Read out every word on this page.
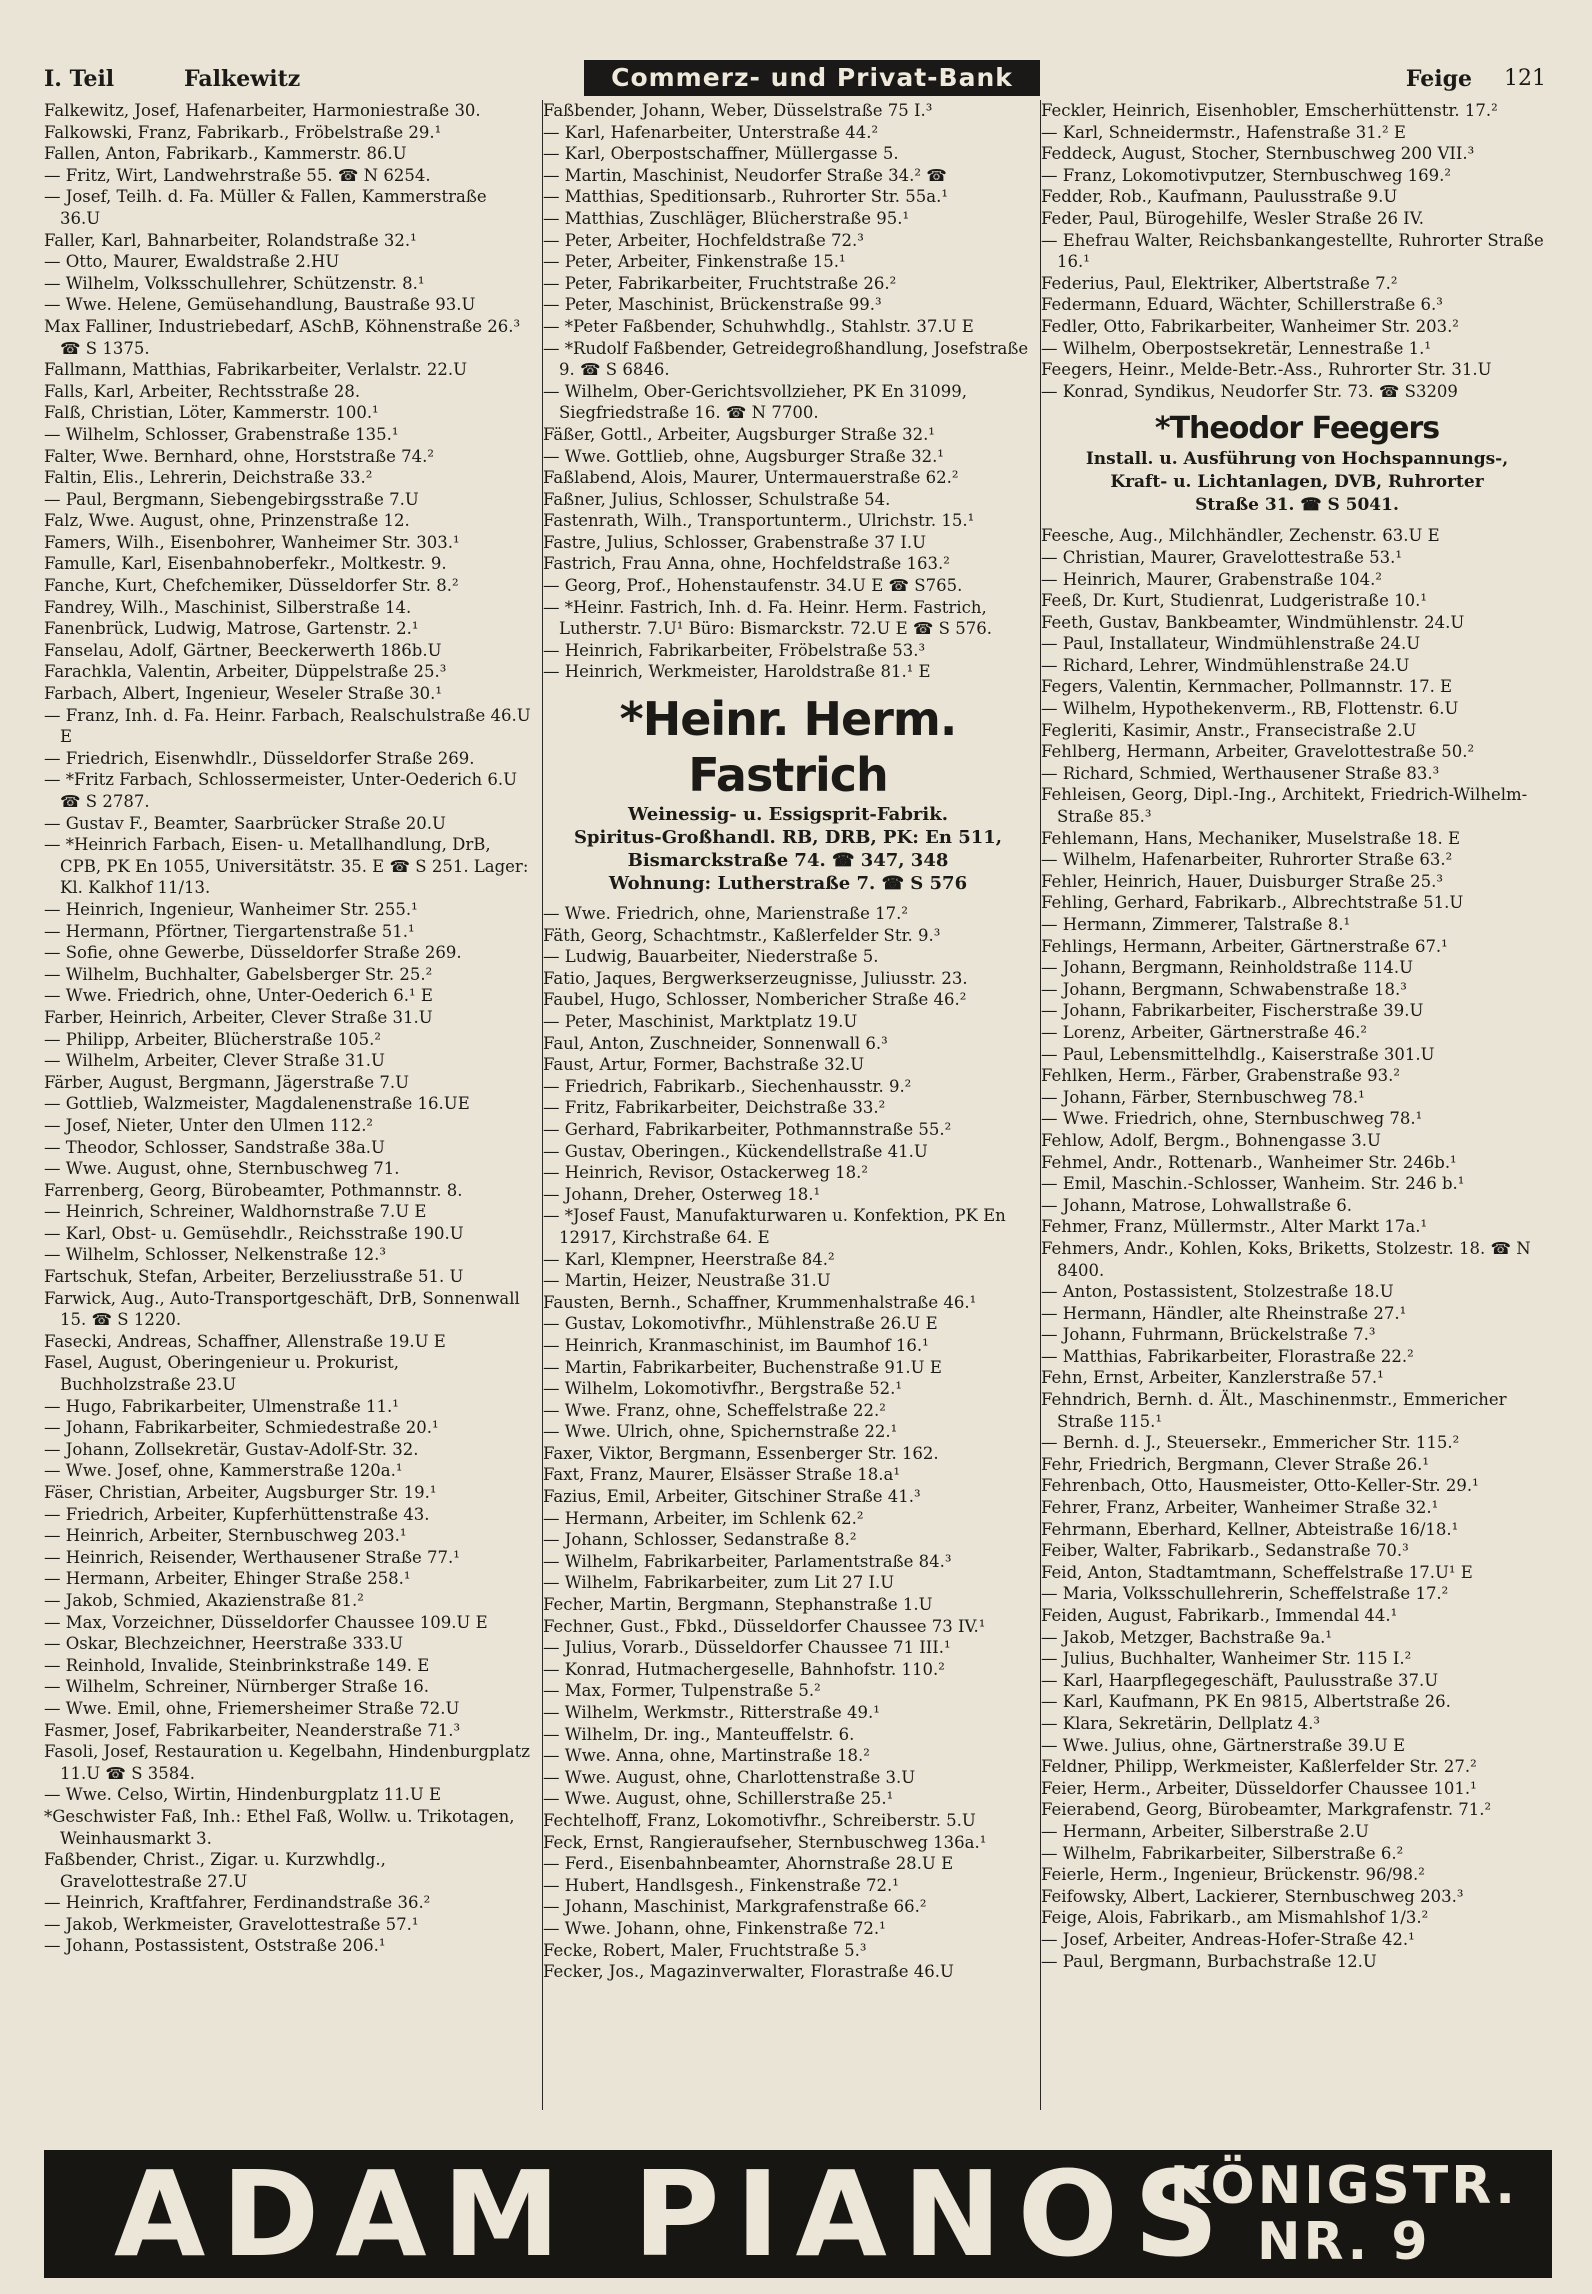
I. Teil	Falkewitz	Commerz- und Privat-Bank	Feige 121

Falkewitz, Josef, Hafenarbeiter, Harmoniestraße 30.

Falkowski, Franz, Fabrikarb., Fröbelstraße 29.¹

Fallen, Anton, Fabrikarb., Kammerstr. 86.U

— Fritz, Wirt, Landwehrstraße 55. ☎ N 6254.

— Josef, Teilh. d. Fa. Müller & Fallen, Kammerstraße 36.U

Faller, Karl, Bahnarbeiter, Rolandstraße 32.¹

— Otto, Maurer, Ewaldstraße 2.HU

— Wilhelm, Volksschullehrer, Schützenstr. 8.¹

— Wwe. Helene, Gemüsehandlung, Baustraße 93.U

Max Falliner, Industriebedarf, ASchB, Köhnenstraße 26.³ ☎ S 1375.

Fallmann, Matthias, Fabrikarbeiter, Verlalstr. 22.U

Falls, Karl, Arbeiter, Rechtsstraße 28.

Falß, Christian, Löter, Kammerstr. 100.¹

— Wilhelm, Schlosser, Grabenstraße 135.¹

Falter, Wwe. Bernhard, ohne, Horststraße 74.²

Faltin, Elis., Lehrerin, Deichstraße 33.²

— Paul, Bergmann, Siebengebirgsstraße 7.U

Falz, Wwe. August, ohne, Prinzenstraße 12.

Famers, Wilh., Eisenbohrer, Wanheimer Str. 303.¹

Famulle, Karl, Eisenbahnoberfekr., Moltkestr. 9.

Fanche, Kurt, Chefchemiker, Düsseldorfer Str. 8.²

Fandrey, Wilh., Maschinist, Silberstraße 14.

Fanenbrück, Ludwig, Matrose, Gartenstr. 2.¹

Fanselau, Adolf, Gärtner, Beeckerwerth 186b.U

Farachkla, Valentin, Arbeiter, Düppelstraße 25.³

Farbach, Albert, Ingenieur, Weseler Straße 30.¹

— Franz, Inh. d. Fa. Heinr. Farbach, Realschulstraße 46.U E

— Friedrich, Eisenwhdlr., Düsseldorfer Straße 269.

— *Fritz Farbach, Schlossermeister, Unter-Oederich 6.U ☎ S 2787.

— Gustav F., Beamter, Saarbrücker Straße 20.U

— *Heinrich Farbach, Eisen- u. Metallhandlung, DrB, CPB, PK En 1055, Universitätstr. 35. E ☎ S 251. Lager: Kl. Kalkhof 11/13.

— Heinrich, Ingenieur, Wanheimer Str. 255.¹

— Hermann, Pförtner, Tiergartenstraße 51.¹

— Sofie, ohne Gewerbe, Düsseldorfer Straße 269.

— Wilhelm, Buchhalter, Gabelsberger Str. 25.²

— Wwe. Friedrich, ohne, Unter-Oederich 6.¹ E

Farber, Heinrich, Arbeiter, Clever Straße 31.U

— Philipp, Arbeiter, Blücherstraße 105.²

— Wilhelm, Arbeiter, Clever Straße 31.U

Färber, August, Bergmann, Jägerstraße 7.U

— Gottlieb, Walzmeister, Magdalenenstraße 16.UE

— Josef, Nieter, Unter den Ulmen 112.²

— Theodor, Schlosser, Sandstraße 38a.U

— Wwe. August, ohne, Sternbuschweg 71.

Farrenberg, Georg, Bürobeamter, Pothmannstr. 8.

— Heinrich, Schreiner, Waldhornstraße 7.U E

— Karl, Obst- u. Gemüsehdlr., Reichsstraße 190.U

— Wilhelm, Schlosser, Nelkenstraße 12.³

Fartschuk, Stefan, Arbeiter, Berzeliusstraße 51. U

Farwick, Aug., Auto-Transportgeschäft, DrB, Sonnenwall 15. ☎ S 1220.

Fasecki, Andreas, Schaffner, Allenstraße 19.U E

Fasel, August, Oberingenieur u. Prokurist, Buchholzstraße 23.U

— Hugo, Fabrikarbeiter, Ulmenstraße 11.¹

— Johann, Fabrikarbeiter, Schmiedestraße 20.¹

— Johann, Zollsekretär, Gustav-Adolf-Str. 32.

— Wwe. Josef, ohne, Kammerstraße 120a.¹

Fäser, Christian, Arbeiter, Augsburger Str. 19.¹

— Friedrich, Arbeiter, Kupferhüttenstraße 43.

— Heinrich, Arbeiter, Sternbuschweg 203.¹

— Heinrich, Reisender, Werthausener Straße 77.¹

— Hermann, Arbeiter, Ehinger Straße 258.¹

— Jakob, Schmied, Akazienstraße 81.²

— Max, Vorzeichner, Düsseldorfer Chaussee 109.U E

— Oskar, Blechzeichner, Heerstraße 333.U

— Reinhold, Invalide, Steinbrinkstraße 149. E

— Wilhelm, Schreiner, Nürnberger Straße 16.

— Wwe. Emil, ohne, Friemersheimer Straße 72.U

Fasmer, Josef, Fabrikarbeiter, Neanderstraße 71.³

Fasoli, Josef, Restauration u. Kegelbahn, Hindenburgplatz 11.U ☎ S 3584.

— Wwe. Celso, Wirtin, Hindenburgplatz 11.U E

*Geschwister Faß, Inh.: Ethel Faß, Wollw. u. Trikotagen, Weinhausmarkt 3.

Faßbender, Christ., Zigar. u. Kurzwhdlg., Gravelottestraße 27.U

— Heinrich, Kraftfahrer, Ferdinandstraße 36.²

— Jakob, Werkmeister, Gravelottestraße 57.¹

— Johann, Postassistent, Oststraße 206.¹

Faßbender, Johann, Weber, Düsselstraße 75 I.³

— Karl, Hafenarbeiter, Unterstraße 44.²

— Karl, Oberpostschaffner, Müllergasse 5.

— Martin, Maschinist, Neudorfer Straße 34.² ☎

— Matthias, Speditionsarb., Ruhrorter Str. 55a.¹

— Matthias, Zuschläger, Blücherstraße 95.¹

— Peter, Arbeiter, Hochfeldstraße 72.³

— Peter, Arbeiter, Finkenstraße 15.¹

— Peter, Fabrikarbeiter, Fruchtstraße 26.²

— Peter, Maschinist, Brückenstraße 99.³

— *Peter Faßbender, Schuhwhdlg., Stahlstr. 37.U E

— *Rudolf Faßbender, Getreidegroßhandlung, Josefstraße 9. ☎ S 6846.

— Wilhelm, Ober-Gerichtsvollzieher, PK En 31099, Siegfriedstraße 16. ☎ N 7700.

Fäßer, Gottl., Arbeiter, Augsburger Straße 32.¹

— Wwe. Gottlieb, ohne, Augsburger Straße 32.¹

Faßlabend, Alois, Maurer, Untermauerstraße 62.²

Faßner, Julius, Schlosser, Schulstraße 54.

Fastenrath, Wilh., Transportunterm., Ulrichstr. 15.¹

Fastre, Julius, Schlosser, Grabenstraße 37 I.U

Fastrich, Frau Anna, ohne, Hochfeldstraße 163.²

— Georg, Prof., Hohenstaufenstr. 34.U E ☎ S765.

— *Heinr. Fastrich, Inh. d. Fa. Heinr. Herm. Fastrich, Lutherstr. 7.U¹ Büro: Bismarckstr. 72.U E ☎ S 576.

— Heinrich, Fabrikarbeiter, Fröbelstraße 53.³

— Heinrich, Werkmeister, Haroldstraße 81.¹ E

*Heinr. Herm. Fastrich
Weinessig- u. Essigsprit-Fabrik.
Spiritus-Großhandl. RB, DRB, PK: En 511,
Bismarckstraße 74. ☎ 347, 348
Wohnung: Lutherstraße 7. ☎ S 576

— Wwe. Friedrich, ohne, Marienstraße 17.²

Fäth, Georg, Schachtmstr., Kaßlerfelder Str. 9.³

— Ludwig, Bauarbeiter, Niederstraße 5.

Fatio, Jaques, Bergwerkserzeugnisse, Juliusstr. 23.

Faubel, Hugo, Schlosser, Nombericher Straße 46.²

— Peter, Maschinist, Marktplatz 19.U

Faul, Anton, Zuschneider, Sonnenwall 6.³

Faust, Artur, Former, Bachstraße 32.U

— Friedrich, Fabrikarb., Siechenhausstr. 9.²

— Fritz, Fabrikarbeiter, Deichstraße 33.²

— Gerhard, Fabrikarbeiter, Pothmannstraße 55.²

— Gustav, Oberingen., Kückendellstraße 41.U

— Heinrich, Revisor, Ostackerweg 18.²

— Johann, Dreher, Osterweg 18.¹

— *Josef Faust, Manufakturwaren u. Konfektion, PK En 12917, Kirchstraße 64. E

— Karl, Klempner, Heerstraße 84.²

— Martin, Heizer, Neustraße 31.U

Fausten, Bernh., Schaffner, Krummenhalstraße 46.¹

— Gustav, Lokomotivfhr., Mühlenstraße 26.U E

— Heinrich, Kranmaschinist, im Baumhof 16.¹

— Martin, Fabrikarbeiter, Buchenstraße 91.U E

— Wilhelm, Lokomotivfhr., Bergstraße 52.¹

— Wwe. Franz, ohne, Scheffelstraße 22.²

— Wwe. Ulrich, ohne, Spichernstraße 22.¹

Faxer, Viktor, Bergmann, Essenberger Str. 162.

Faxt, Franz, Maurer, Elsässer Straße 18.a¹

Fazius, Emil, Arbeiter, Gitschiner Straße 41.³

— Hermann, Arbeiter, im Schlenk 62.²

— Johann, Schlosser, Sedanstraße 8.²

— Wilhelm, Fabrikarbeiter, Parlamentstraße 84.³

— Wilhelm, Fabrikarbeiter, zum Lit 27 I.U

Fecher, Martin, Bergmann, Stephanstraße 1.U

Fechner, Gust., Fbkd., Düsseldorfer Chaussee 73 IV.¹

— Julius, Vorarb., Düsseldorfer Chaussee 71 III.¹

— Konrad, Hutmachergeselle, Bahnhofstr. 110.²

— Max, Former, Tulpenstraße 5.²

— Wilhelm, Werkmstr., Ritterstraße 49.¹

— Wilhelm, Dr. ing., Manteuffelstr. 6.

— Wwe. Anna, ohne, Martinstraße 18.²

— Wwe. August, ohne, Charlottenstraße 3.U

— Wwe. August, ohne, Schillerstraße 25.¹

Fechtelhoff, Franz, Lokomotivfhr., Schreiberstr. 5.U

Feck, Ernst, Rangieraufseher, Sternbuschweg 136a.¹

— Ferd., Eisenbahnbeamter, Ahornstraße 28.U E

— Hubert, Handlsgesh., Finkenstraße 72.¹

— Johann, Maschinist, Markgrafenstraße 66.²

— Wwe. Johann, ohne, Finkenstraße 72.¹

Fecke, Robert, Maler, Fruchtstraße 5.³

Fecker, Jos., Magazinverwalter, Florastraße 46.U

Feckler, Heinrich, Eisenhobler, Emscherhüttenstr. 17.²

— Karl, Schneidermstr., Hafenstraße 31.² E

Feddeck, August, Stocher, Sternbuschweg 200 VII.³

— Franz, Lokomotivputzer, Sternbuschweg 169.²

Fedder, Rob., Kaufmann, Paulusstraße 9.U

Feder, Paul, Bürogehilfe, Wesler Straße 26 IV.

— Ehefrau Walter, Reichsbankangestellte, Ruhrorter Straße 16.¹

Federius, Paul, Elektriker, Albertstraße 7.²

Federmann, Eduard, Wächter, Schillerstraße 6.³

Fedler, Otto, Fabrikarbeiter, Wanheimer Str. 203.²

— Wilhelm, Oberpostsekretär, Lennestraße 1.¹

Feegers, Heinr., Melde-Betr.-Ass., Ruhrorter Str. 31.U

— Konrad, Syndikus, Neudorfer Str. 73. ☎ S3209

*Theodor Feegers
Install. u. Ausführung von Hochspannungs-,
Kraft- u. Lichtanlagen, DVB, Ruhrorter
Straße 31. ☎ S 5041.

Feesche, Aug., Milchhändler, Zechenstr. 63.U E

— Christian, Maurer, Gravelottestraße 53.¹

— Heinrich, Maurer, Grabenstraße 104.²

Feeß, Dr. Kurt, Studienrat, Ludgeristraße 10.¹

Feeth, Gustav, Bankbeamter, Windmühlenstr. 24.U

— Paul, Installateur, Windmühlenstraße 24.U

— Richard, Lehrer, Windmühlenstraße 24.U

Fegers, Valentin, Kernmacher, Pollmannstr. 17. E

— Wilhelm, Hypothekenverm., RB, Flottenstr. 6.U

Fegleriti, Kasimir, Anstr., Fransecistraße 2.U

Fehlberg, Hermann, Arbeiter, Gravelottestraße 50.²

— Richard, Schmied, Werthausener Straße 83.³

Fehleisen, Georg, Dipl.-Ing., Architekt, Friedrich-Wilhelm-Straße 85.³

Fehlemann, Hans, Mechaniker, Muselstraße 18. E

— Wilhelm, Hafenarbeiter, Ruhrorter Straße 63.²

Fehler, Heinrich, Hauer, Duisburger Straße 25.³

Fehling, Gerhard, Fabrikarb., Albrechtstraße 51.U

— Hermann, Zimmerer, Talstraße 8.¹

Fehlings, Hermann, Arbeiter, Gärtnerstraße 67.¹

— Johann, Bergmann, Reinholdstraße 114.U

— Johann, Bergmann, Schwabenstraße 18.³

— Johann, Fabrikarbeiter, Fischerstraße 39.U

— Lorenz, Arbeiter, Gärtnerstraße 46.²

— Paul, Lebensmittelhdlg., Kaiserstraße 301.U

Fehlken, Herm., Färber, Grabenstraße 93.²

— Johann, Färber, Sternbuschweg 78.¹

— Wwe. Friedrich, ohne, Sternbuschweg 78.¹

Fehlow, Adolf, Bergm., Bohnengasse 3.U

Fehmel, Andr., Rottenarb., Wanheimer Str. 246b.¹

— Emil, Maschin.-Schlosser, Wanheim. Str. 246 b.¹

— Johann, Matrose, Lohwallstraße 6.

Fehmer, Franz, Müllermstr., Alter Markt 17a.¹

Fehmers, Andr., Kohlen, Koks, Briketts, Stolzestr. 18. ☎ N 8400.

— Anton, Postassistent, Stolzestraße 18.U

— Hermann, Händler, alte Rheinstraße 27.¹

— Johann, Fuhrmann, Brückelstraße 7.³

— Matthias, Fabrikarbeiter, Florastraße 22.²

Fehn, Ernst, Arbeiter, Kanzlerstraße 57.¹

Fehndrich, Bernh. d. Ält., Maschinenmstr., Emmericher Straße 115.¹

— Bernh. d. J., Steuersekr., Emmericher Str. 115.²

Fehr, Friedrich, Bergmann, Clever Straße 26.¹

Fehrenbach, Otto, Hausmeister, Otto-Keller-Str. 29.¹

Fehrer, Franz, Arbeiter, Wanheimer Straße 32.¹

Fehrmann, Eberhard, Kellner, Abteistraße 16/18.¹

Feiber, Walter, Fabrikarb., Sedanstraße 70.³

Feid, Anton, Stadtamtmann, Scheffelstraße 17.U¹ E

— Maria, Volksschullehrerin, Scheffelstraße 17.²

Feiden, August, Fabrikarb., Immendal 44.¹

— Jakob, Metzger, Bachstraße 9a.¹

— Julius, Buchhalter, Wanheimer Str. 115 I.²

— Karl, Haarpflegegeschäft, Paulusstraße 37.U

— Karl, Kaufmann, PK En 9815, Albertstraße 26.

— Klara, Sekretärin, Dellplatz 4.³

— Wwe. Julius, ohne, Gärtnerstraße 39.U E

Feldner, Philipp, Werkmeister, Kaßlerfelder Str. 27.²

Feier, Herm., Arbeiter, Düsseldorfer Chaussee 101.¹

Feierabend, Georg, Bürobeamter, Markgrafenstr. 71.²

— Hermann, Arbeiter, Silberstraße 2.U

— Wilhelm, Fabrikarbeiter, Silberstraße 6.²

Feierle, Herm., Ingenieur, Brückenstr. 96/98.²

Feifowsky, Albert, Lackierer, Sternbuschweg 203.³

Feige, Alois, Fabrikarb., am Mismahlshof 1/3.²

— Josef, Arbeiter, Andreas-Hofer-Straße 42.¹

— Paul, Bergmann, Burbachstraße 12.U

ADAM PIANOS
KÖNIGSTR.
NR. 9
